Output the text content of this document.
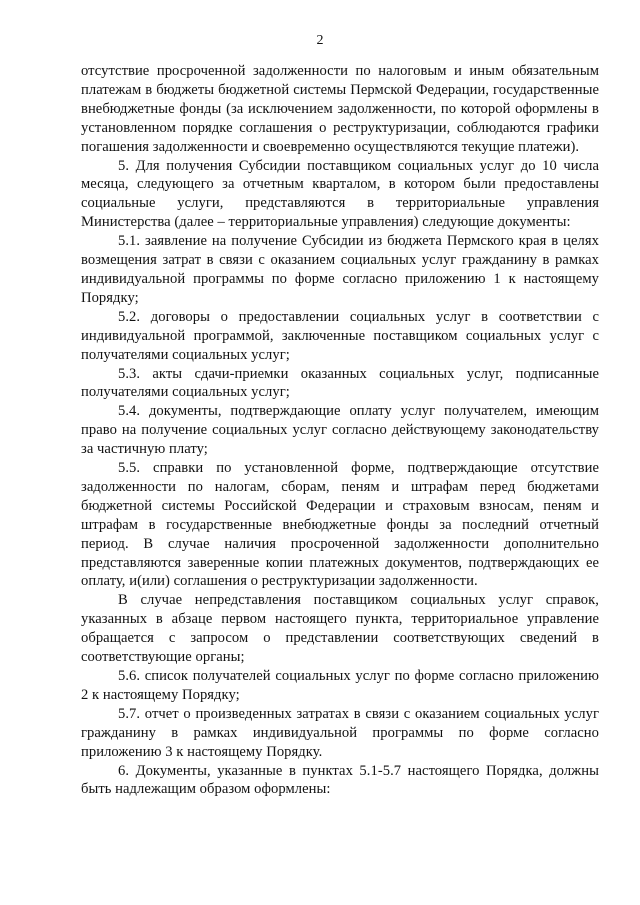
2

отсутствие просроченной задолженности по налоговым и иным обязательным платежам в бюджеты бюджетной системы Пермской Федерации, государственные внебюджетные фонды (за исключением задолженности, по которой оформлены в установленном порядке соглашения о реструктуризации, соблюдаются графики погашения задолженности и своевременно осуществляются текущие платежи).

5. Для получения Субсидии поставщиком социальных услуг до 10 числа месяца, следующего за отчетным кварталом, в котором были предоставлены социальные услуги, представляются в территориальные управления Министерства (далее – территориальные управления) следующие документы:

5.1. заявление на получение Субсидии из бюджета Пермского края в целях возмещения затрат в связи с оказанием социальных услуг гражданину в рамках индивидуальной программы по форме согласно приложению 1 к настоящему Порядку;

5.2. договоры о предоставлении социальных услуг в соответствии с индивидуальной программой, заключенные поставщиком социальных услуг с получателями социальных услуг;

5.3. акты сдачи-приемки оказанных социальных услуг, подписанные получателями социальных услуг;

5.4. документы, подтверждающие оплату услуг получателем, имеющим право на получение социальных услуг согласно действующему законодательству за частичную плату;

5.5. справки по установленной форме, подтверждающие отсутствие задолженности по налогам, сборам, пеням и штрафам перед бюджетами бюджетной системы Российской Федерации и страховым взносам, пеням и штрафам в государственные внебюджетные фонды за последний отчетный период. В случае наличия просроченной задолженности дополнительно представляются заверенные копии платежных документов, подтверждающих ее оплату, и(или) соглашения о реструктуризации задолженности.

В случае непредставления поставщиком социальных услуг справок, указанных в абзаце первом настоящего пункта, территориальное управление обращается с запросом о представлении соответствующих сведений в соответствующие органы;

5.6. список получателей социальных услуг по форме согласно приложению 2 к настоящему Порядку;

5.7. отчет о произведенных затратах в связи с оказанием социальных услуг гражданину в рамках индивидуальной программы по форме согласно приложению 3 к настоящему Порядку.

6. Документы, указанные в пунктах 5.1-5.7 настоящего Порядка, должны быть надлежащим образом оформлены:
